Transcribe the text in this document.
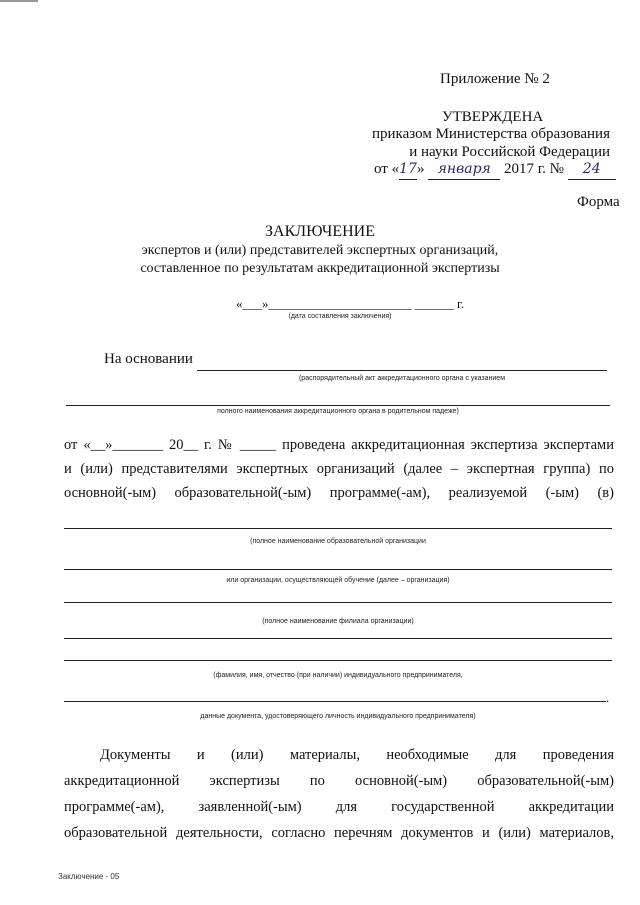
Приложение № 2
УТВЕРЖДЕНА
приказом Министерства образования
и науки Российской Федерации
от «17» января 2017 г. № 24
Форма
ЗАКЛЮЧЕНИЕ
экспертов и (или) представителей экспертных организаций,
составленное по результатам аккредитационной экспертизы
«___»______________________ ______ г.
(дата составления заключения)
На основании
(распорядительный акт аккредитационного органа с указанием
полного наименования аккредитационного органа в родительном падеже)
от «__»_______ 20__ г. № _____ проведена аккредитационная экспертиза экспертами
и (или) представителями экспертных организаций (далее – экспертная группа) по
основной(-ым) образовательной(-ым) программе(-ам), реализуемой (-ым) (в)
(полное наименование образовательной организации
или организации, осуществляющей обучение (далее – организация)
(полное наименование филиала организации)
(фамилия, имя, отчество (при наличии) индивидуального предпринимателя,
.
данные документа, удостоверяющего личность индивидуального предпринимателя)
Документы и (или) материалы, необходимые для проведения
аккредитационной экспертизы по основной(-ым) образовательной(-ым)
программе(-ам), заявленной(-ым) для государственной аккредитации
образовательной деятельности, согласно перечням документов и (или) материалов,
Заключение - 05
